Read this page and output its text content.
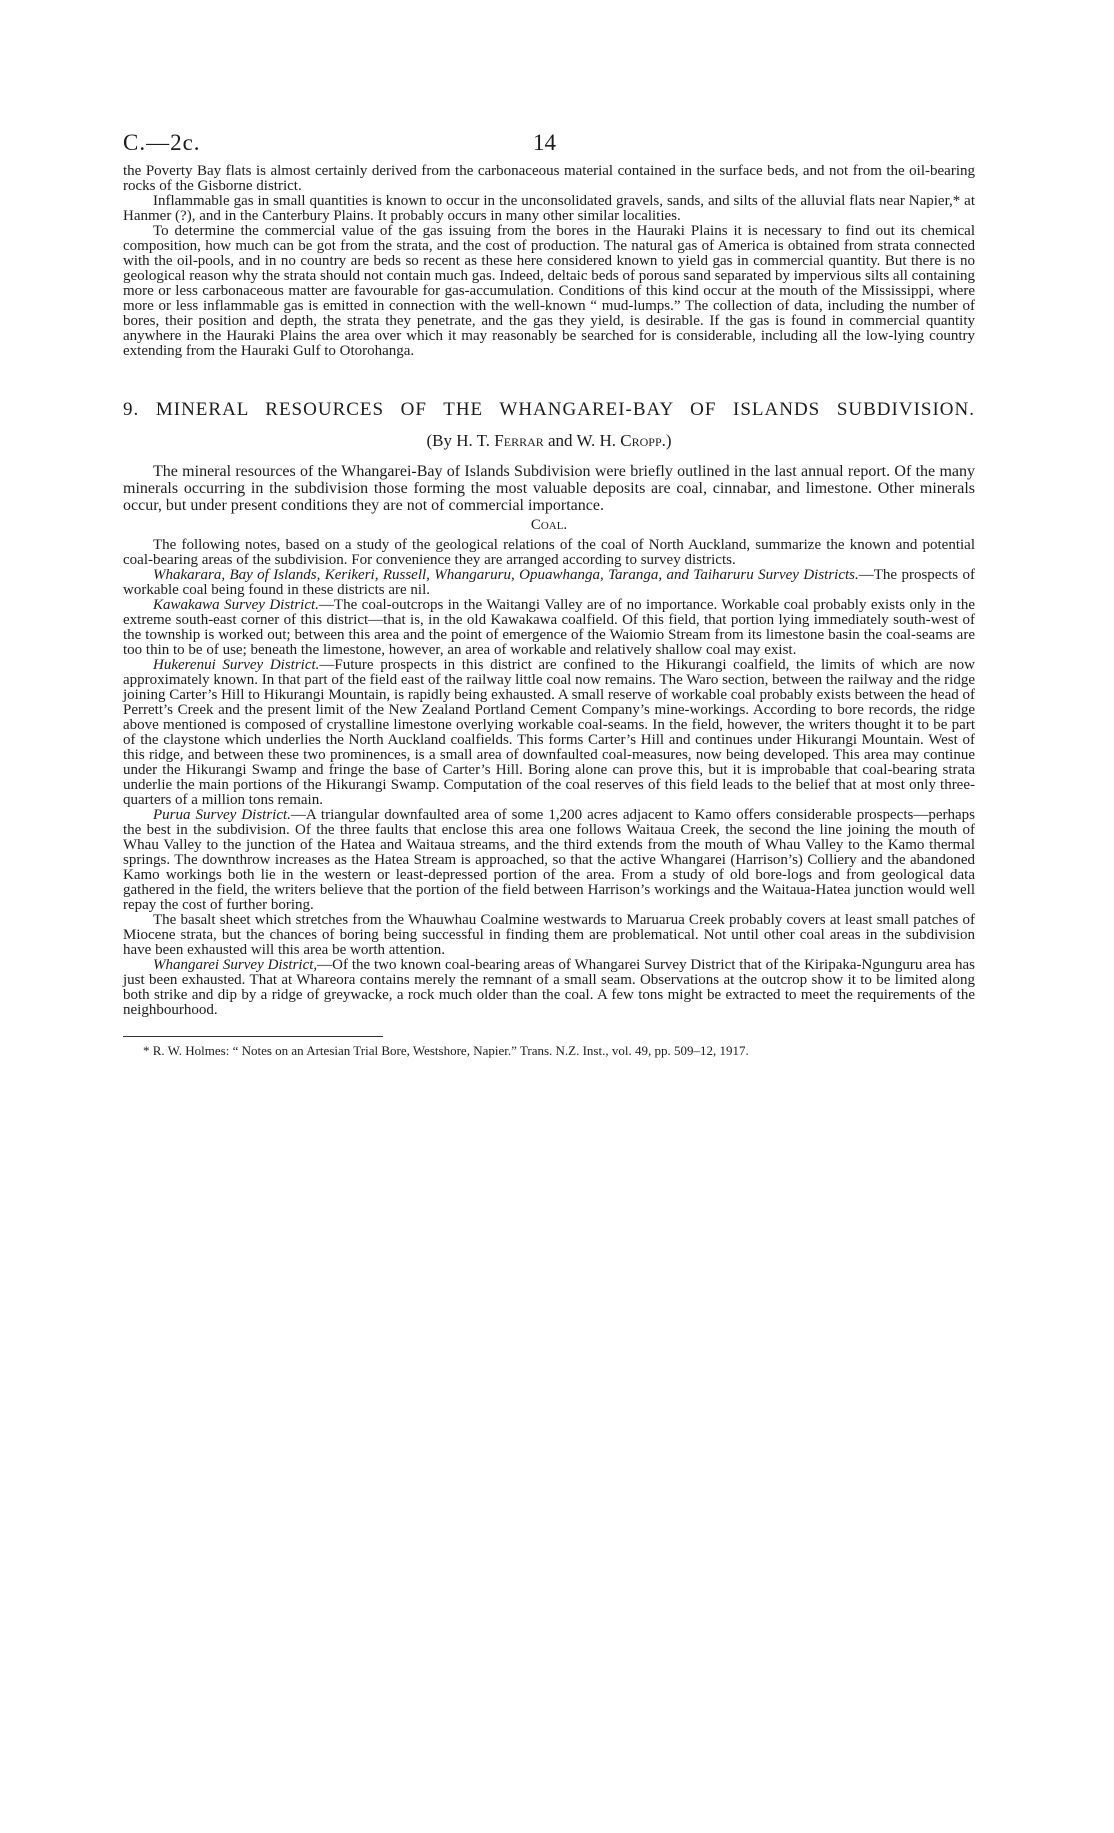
C.—2c.	14

the Poverty Bay flats is almost certainly derived from the carbonaceous material contained in the surface beds, and not from the oil-bearing rocks of the Gisborne district.

Inflammable gas in small quantities is known to occur in the unconsolidated gravels, sands, and silts of the alluvial flats near Napier,* at Hanmer (?), and in the Canterbury Plains. It probably occurs in many other similar localities.

To determine the commercial value of the gas issuing from the bores in the Hauraki Plains it is necessary to find out its chemical composition, how much can be got from the strata, and the cost of production. The natural gas of America is obtained from strata connected with the oil-pools, and in no country are beds so recent as these here considered known to yield gas in commercial quantity. But there is no geological reason why the strata should not contain much gas. Indeed, deltaic beds of porous sand separated by impervious silts all containing more or less carbonaceous matter are favourable for gas-accumulation. Conditions of this kind occur at the mouth of the Mississippi, where more or less inflammable gas is emitted in connection with the well-known “ mud-lumps.” The collection of data, including the number of bores, their position and depth, the strata they penetrate, and the gas they yield, is desirable. If the gas is found in commercial quantity anywhere in the Hauraki Plains the area over which it may reasonably be searched for is considerable, including all the low-lying country extending from the Hauraki Gulf to Otorohanga.

9. MINERAL RESOURCES OF THE WHANGAREI-BAY OF ISLANDS SUBDIVISION.
(By H. T. Ferrar and W. H. Cropp.)

The mineral resources of the Whangarei-Bay of Islands Subdivision were briefly outlined in the last annual report. Of the many minerals occurring in the subdivision those forming the most valuable deposits are coal, cinnabar, and limestone. Other minerals occur, but under present conditions they are not of commercial importance.

Coal.

The following notes, based on a study of the geological relations of the coal of North Auckland, summarize the known and potential coal-bearing areas of the subdivision. For convenience they are arranged according to survey districts.

Whakarara, Bay of Islands, Kerikeri, Russell, Whangaruru, Opuawhanga, Taranga, and Taiharuru Survey Districts.—The prospects of workable coal being found in these districts are nil.

Kawakawa Survey District.—The coal-outcrops in the Waitangi Valley are of no importance. Workable coal probably exists only in the extreme south-east corner of this district—that is, in the old Kawakawa coalfield. Of this field, that portion lying immediately south-west of the township is worked out; between this area and the point of emergence of the Waiomio Stream from its limestone basin the coal-seams are too thin to be of use; beneath the limestone, however, an area of workable and relatively shallow coal may exist.

Hukerenui Survey District.—Future prospects in this district are confined to the Hikurangi coalfield, the limits of which are now approximately known. In that part of the field east of the railway little coal now remains. The Waro section, between the railway and the ridge joining Carter’s Hill to Hikurangi Mountain, is rapidly being exhausted. A small reserve of workable coal probably exists between the head of Perrett’s Creek and the present limit of the New Zealand Portland Cement Company’s mine-workings. According to bore records, the ridge above mentioned is composed of crystalline limestone overlying workable coal-seams. In the field, however, the writers thought it to be part of the claystone which underlies the North Auckland coalfields. This forms Carter’s Hill and continues under Hikurangi Mountain. West of this ridge, and between these two prominences, is a small area of downfaulted coal-measures, now being developed. This area may continue under the Hikurangi Swamp and fringe the base of Carter’s Hill. Boring alone can prove this, but it is improbable that coal-bearing strata underlie the main portions of the Hikurangi Swamp. Computation of the coal reserves of this field leads to the belief that at most only three-quarters of a million tons remain.

Purua Survey District.—A triangular downfaulted area of some 1,200 acres adjacent to Kamo offers considerable prospects—perhaps the best in the subdivision. Of the three faults that enclose this area one follows Waitaua Creek, the second the line joining the mouth of Whau Valley to the junction of the Hatea and Waitaua streams, and the third extends from the mouth of Whau Valley to the Kamo thermal springs. The downthrow increases as the Hatea Stream is approached, so that the active Whangarei (Harrison’s) Colliery and the abandoned Kamo workings both lie in the western or least-depressed portion of the area. From a study of old bore-logs and from geological data gathered in the field, the writers believe that the portion of the field between Harrison’s workings and the Waitaua-Hatea junction would well repay the cost of further boring.

The basalt sheet which stretches from the Whauwhau Coalmine westwards to Maruarua Creek probably covers at least small patches of Miocene strata, but the chances of boring being successful in finding them are problematical. Not until other coal areas in the subdivision have been exhausted will this area be worth attention.

Whangarei Survey District,—Of the two known coal-bearing areas of Whangarei Survey District that of the Kiripaka-Ngunguru area has just been exhausted. That at Whareora contains merely the remnant of a small seam. Observations at the outcrop show it to be limited along both strike and dip by a ridge of greywacke, a rock much older than the coal. A few tons might be extracted to meet the requirements of the neighbourhood.

* R. W. Holmes: “ Notes on an Artesian Trial Bore, Westshore, Napier.” Trans. N.Z. Inst., vol. 49, pp. 509–12, 1917.
